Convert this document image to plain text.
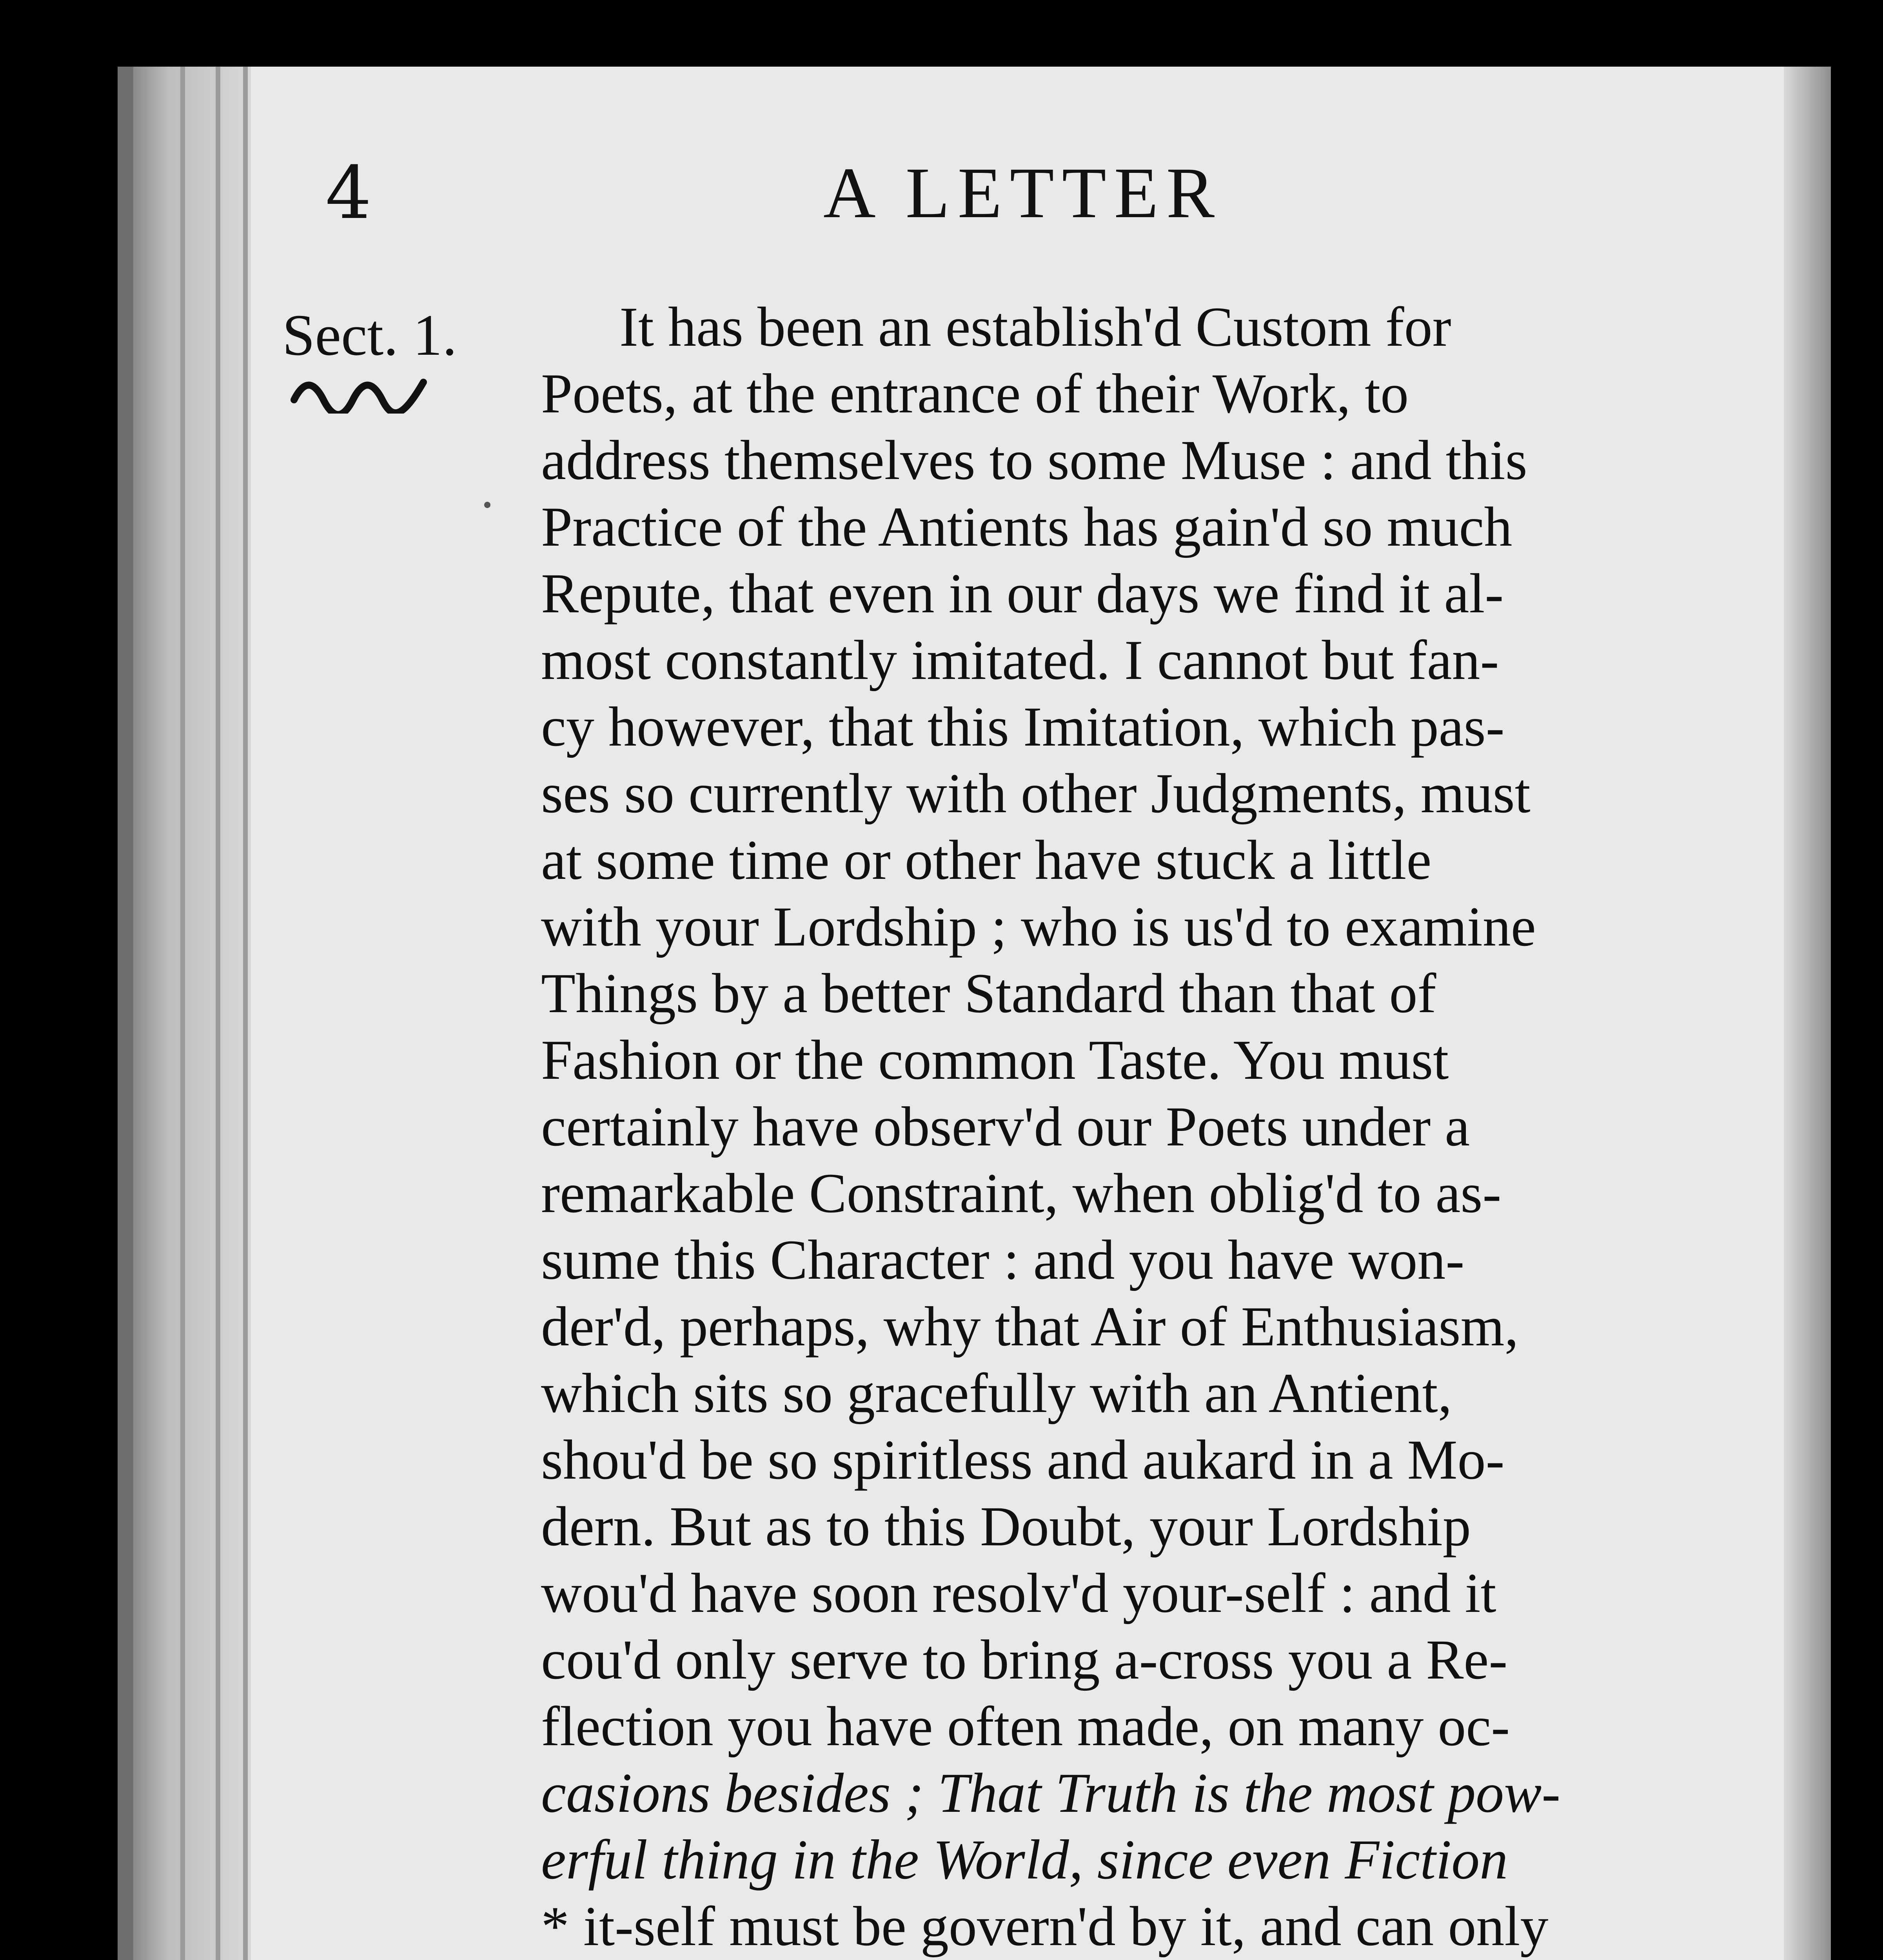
4	A LETTER
Sect. 1.	It has been an establish'd Custom for
Poets, at the entrance of their Work, to
address themselves to some Muse : and this
Practice of the Antients has gain'd so much
Repute, that even in our days we find it al-
most constantly imitated. I cannot but fan-
cy however, that this Imitation, which pas-
ses so currently with other Judgments, must
at some time or other have stuck a little
with your Lordship ; who is us'd to examine
Things by a better Standard than that of
Fashion or the common Taste. You must
certainly have observ'd our Poets under a
remarkable Constraint, when oblig'd to as-
sume this Character : and you have won-
der'd, perhaps, why that Air of Enthusiasm,
which sits so gracefully with an Antient,
shou'd be so spiritless and aukard in a Mo-
dern. But as to this Doubt, your Lordship
wou'd have soon resolv'd your-self : and it
cou'd only serve to bring a-cross you a Re-
flection you have often made, on many oc-
casions besides ; That Truth is the most pow-
erful thing in the World, since even Fiction
* it-self must be govern'd by it, and can only
